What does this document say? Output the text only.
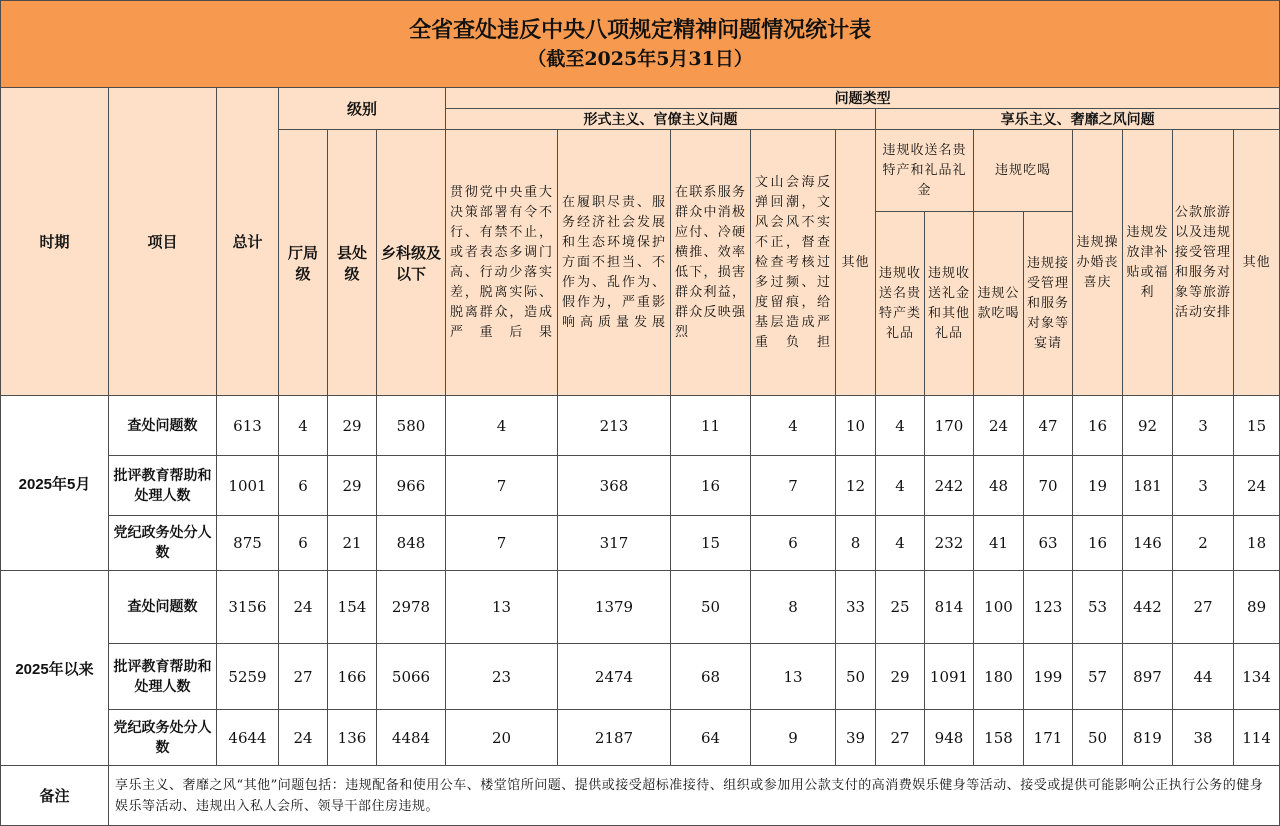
全省查处违反中央八项规定精神问题情况统计表
（截至2025年5月31日）																		

时期	项目	总计	级别			问题类型												
						形式主义、官僚主义问题					享乐主义、奢靡之风问题							

			厅局级	县处级	乡科级及以下	贯彻党中央重大决策部署有令不行、有禁不止，或者表态多调门高、行动少落实差，脱离实际、脱离群众，造成严重后果	在履职尽责、服务经济社会发展和生态环境保护方面不担当、不作为、乱作为、假作为，严重影响高质量发展	在联系服务群众中消极应付、冷硬横推、效率低下，损害群众利益，群众反映强烈	文山会海反弹回潮，文风会风不实不正，督查检查考核过多过频、过度留痕，给基层造成严重负担	其他	违规收送名贵特产和礼品礼金		违规吃喝		违规操办婚丧喜庆	违规发放津补贴或福利	公款旅游以及违规接受管理和服务对象等旅游活动安排	其他

											违规收送名贵特产类礼品	违规收送礼金和其他礼品	违规公款吃喝	违规接受管理和服务对象等宴请				

2025年5月	查处问题数	613	4	29	580	4	213	11	4	10	4	170	24	47	16	92	3	15
	批评教育帮助和处理人数	1001	6	29	966	7	368	16	7	12	4	242	48	70	19	181	3	24
	党纪政务处分人数	875	6	21	848	7	317	15	6	8	4	232	41	63	16	146	2	18
2025年以来	查处问题数	3156	24	154	2978	13	1379	50	8	33	25	814	100	123	53	442	27	89
	批评教育帮助和处理人数	5259	27	166	5066	23	2474	68	13	50	29	1091	180	199	57	897	44	134
	党纪政务处分人数	4644	24	136	4484	20	2187	64	9	39	27	948	158	171	50	819	38	114
备注	享乐主义、奢靡之风“其他”问题包括：违规配备和使用公车、楼堂馆所问题、提供或接受超标准接待、组织或参加用公款支付的高消费娱乐健身等活动、接受或提供可能影响公正执行公务的健身娱乐等活动、违规出入私人会所、领导干部住房违规。																	
